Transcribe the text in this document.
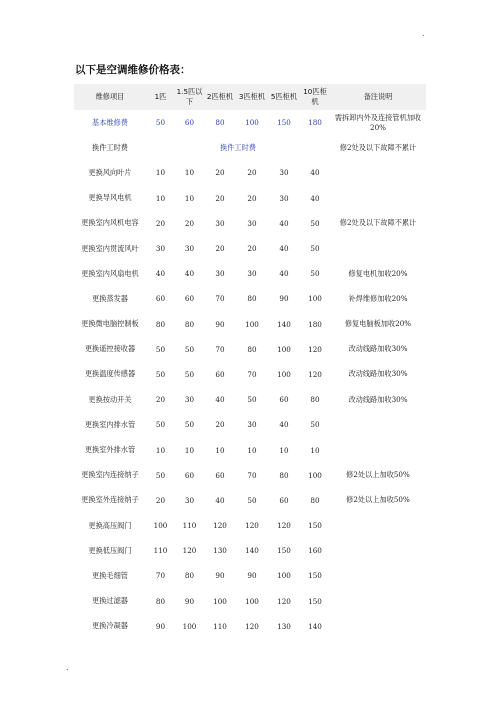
.
以下是空调维修价格表：
维修项目	1匹	1.5匹以下	2匹柜机	3匹柜机	5匹柜机	10匹柜机	备注说明
基本维修费	50	60	80	100	150	180	需拆卸内外及连接管机加收20%
换件工时费	换件工时费						修2处及以下故障不累计
更换风向叶片	10	10	20	20	30	40	
更换导风电机	10	10	20	20	30	40	
更换室内风机电容	20	20	30	30	40	50	修2处及以下故障不累计
更换室内贯流风叶	30	30	20	20	40	50	
更换室内风扇电机	40	40	30	30	40	50	修复电机加收20%
更换蒸发器	60	60	70	80	90	100	补焊维修加收20%
更换微电脑控制板	80	80	90	100	140	180	修复电脑板加收20%
更换遥控接收器	50	50	70	80	100	120	改动线路加收30%
更换温度传感器	50	50	60	70	100	120	改动线路加收30%
更换按动开关	20	30	40	50	60	80	改动线路加收30%
更换室内排水管	50	50	20	30	40	50	
更换室外排水管	10	10	10	10	10	10	
更换室内连接纳子	50	60	60	70	80	100	修2处以上加收50%
更换室外连接纳子	20	30	40	50	60	80	修2处以上加收50%
更换高压阀门	100	110	120	120	120	150	
更换低压阀门	110	120	130	140	150	160	
更换毛细管	70	80	90	90	100	150	
更换过滤器	80	90	100	100	120	150	
更换冷凝器	90	100	110	120	130	140	
.
